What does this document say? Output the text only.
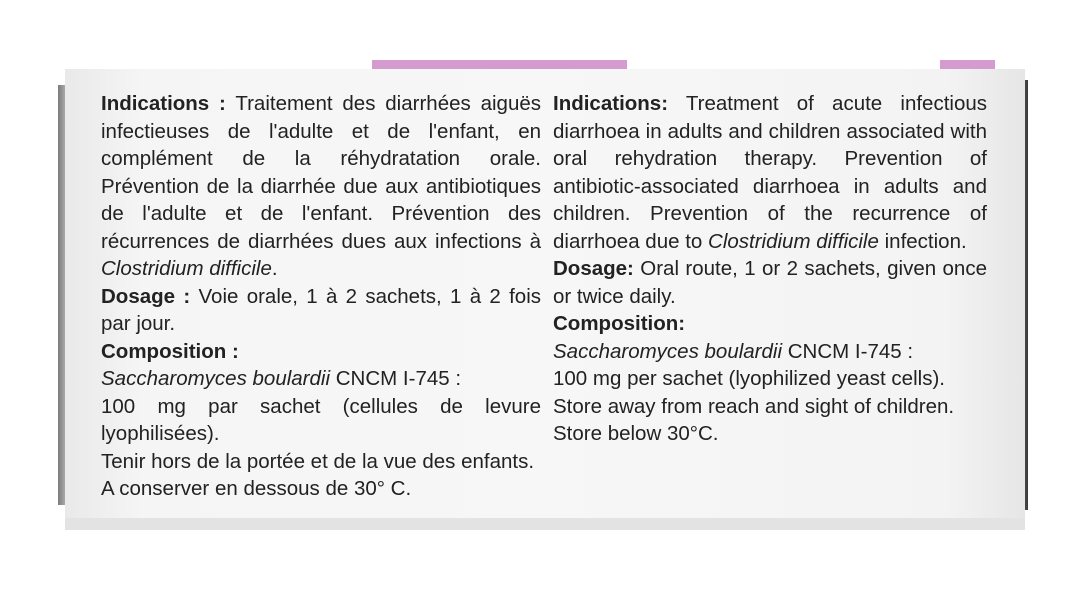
Indications : Traitement des diarrhées aiguës infectieuses de l'adulte et de l'enfant, en complément de la réhydratation orale. Prévention de la diarrhée due aux antibiotiques de l'adulte et de l'enfant. Prévention des récurrences de diarrhées dues aux infections à Clostridium difficile.

Dosage : Voie orale, 1 à 2 sachets, 1 à 2 fois par jour.

Composition :

Saccharomyces boulardii CNCM I-745 :

100 mg par sachet (cellules de levure lyophilisées).

Tenir hors de la portée et de la vue des enfants.

A conserver en dessous de 30° C.

Indications: Treatment of acute infectious diarrhoea in adults and children associated with oral rehydration therapy. Prevention of antibiotic-associated diarrhoea in adults and children. Prevention of the recurrence of diarrhoea due to Clostridium difficile infection.

Dosage: Oral route, 1 or 2 sachets, given once or twice daily.

Composition:

Saccharomyces boulardii CNCM I-745 :

100 mg per sachet (lyophilized yeast cells).

Store away from reach and sight of children.

Store below 30°C.
